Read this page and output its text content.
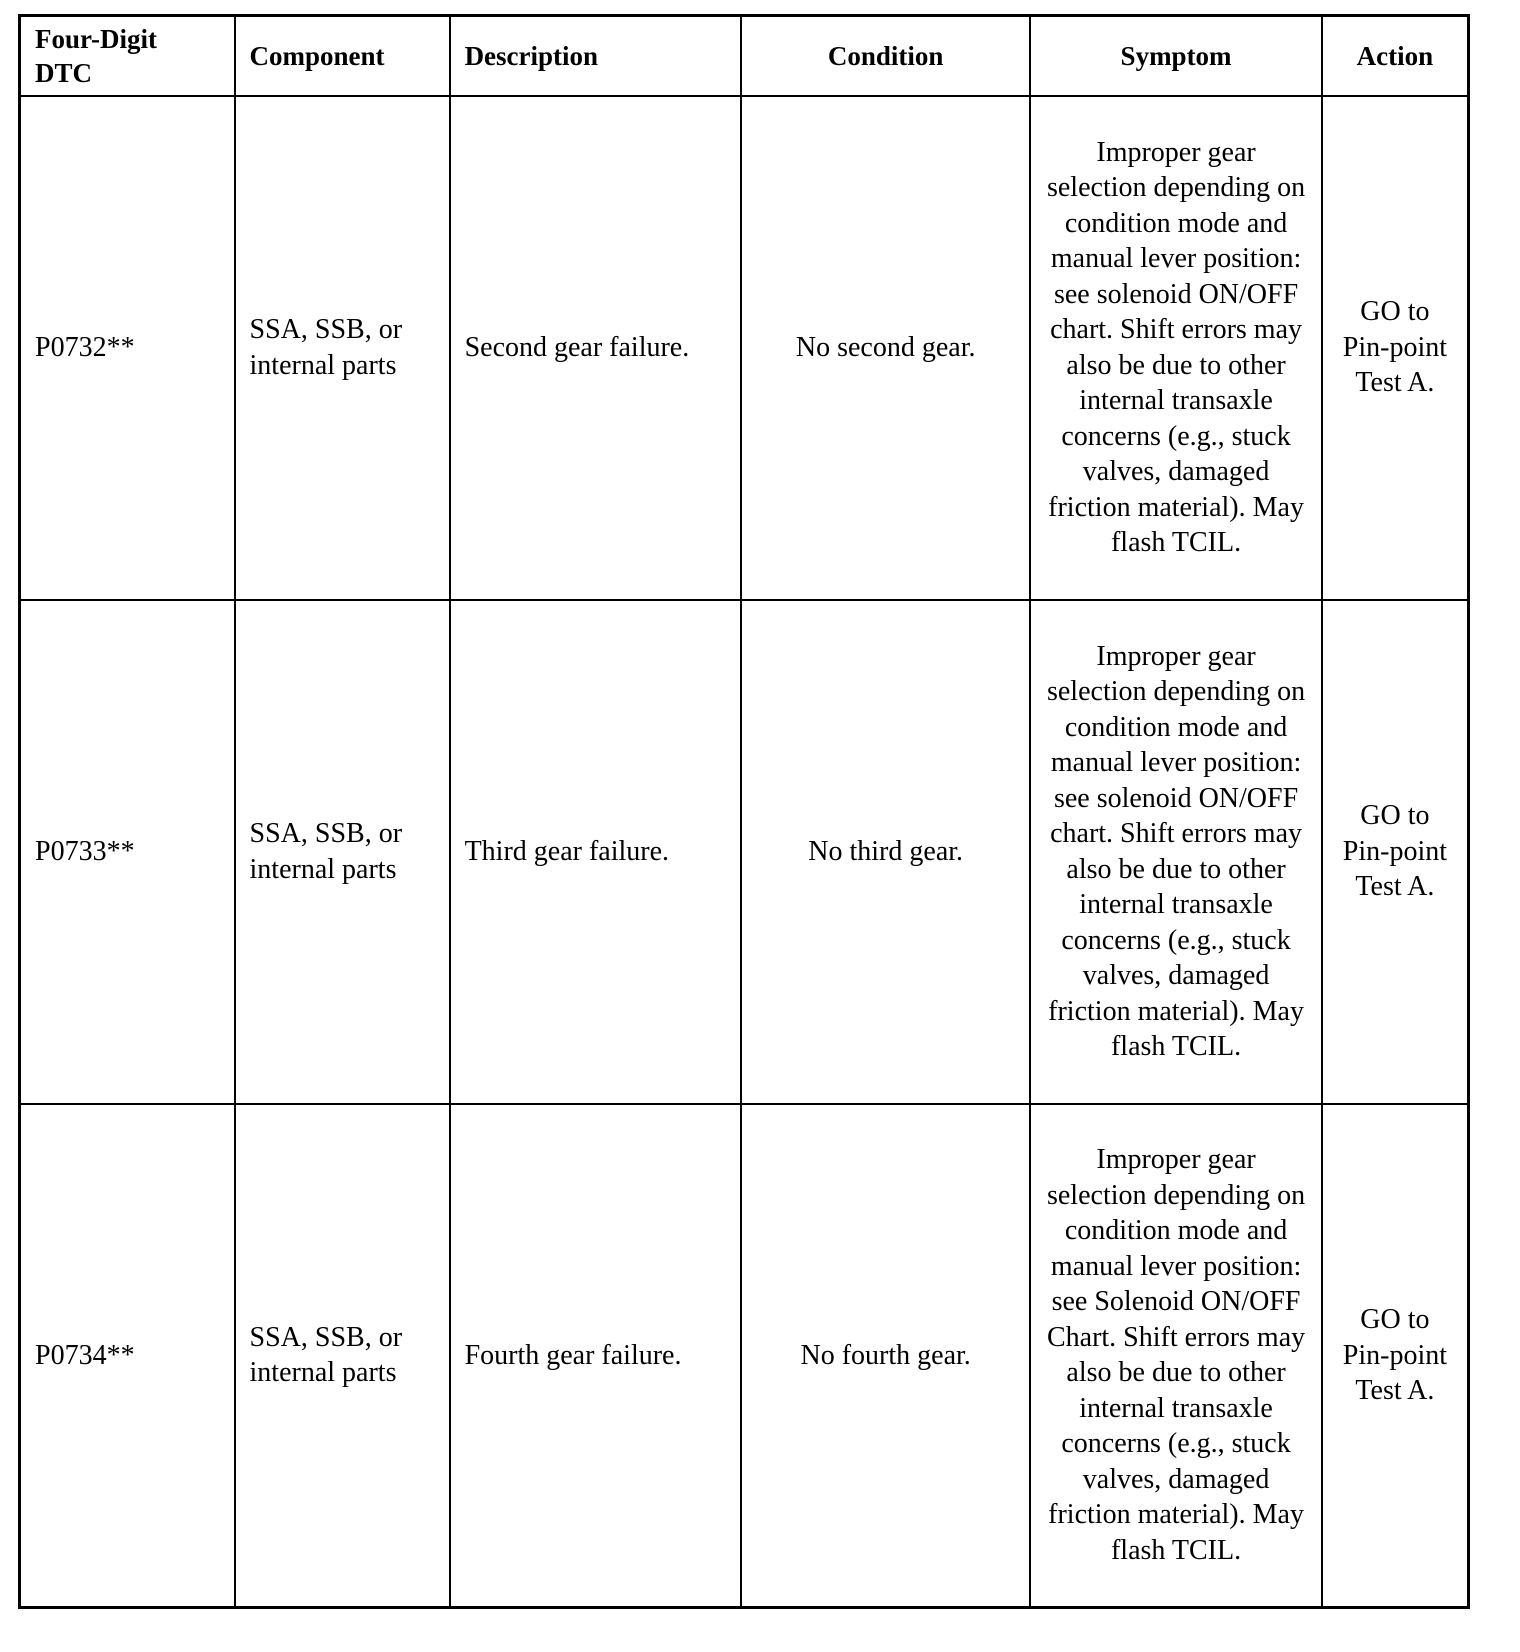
Four-Digit DTC	Component	Description	Condition	Symptom	Action
P0732**	SSA, SSB, or internal parts	Second gear failure.	No second gear.	Improper gear selection depending on condition mode and manual lever position: see solenoid ON/OFF chart. Shift errors may also be due to other internal transaxle concerns (e.g., stuck valves, damaged friction material). May flash TCIL.	GO to Pin-point Test A.
P0733**	SSA, SSB, or internal parts	Third gear failure.	No third gear.	Improper gear selection depending on condition mode and manual lever position: see solenoid ON/OFF chart. Shift errors may also be due to other internal transaxle concerns (e.g., stuck valves, damaged friction material). May flash TCIL.	GO to Pin-point Test A.
P0734**	SSA, SSB, or internal parts	Fourth gear failure.	No fourth gear.	Improper gear selection depending on condition mode and manual lever position: see Solenoid ON/OFF Chart. Shift errors may also be due to other internal transaxle concerns (e.g., stuck valves, damaged friction material). May flash TCIL.	GO to Pin-point Test A.
